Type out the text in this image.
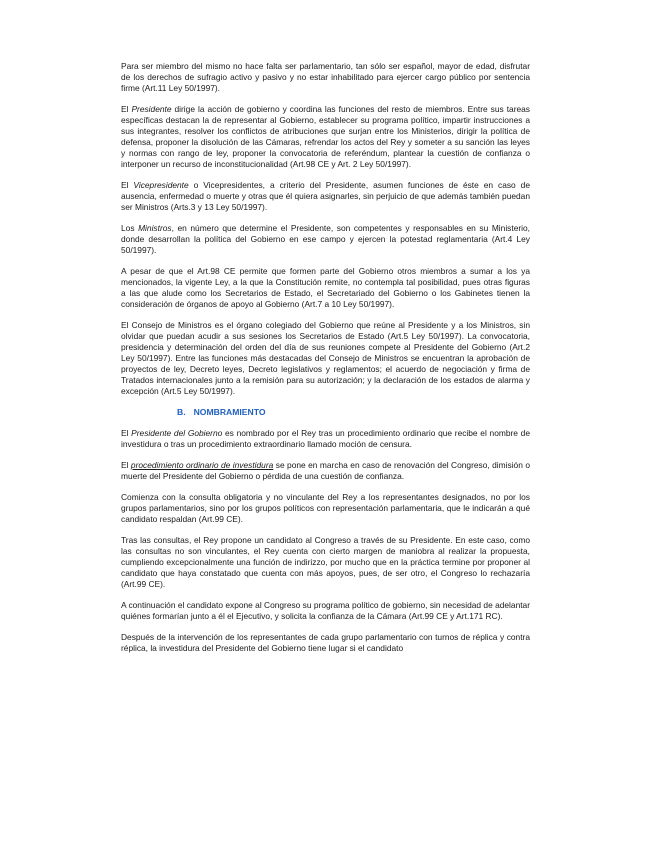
Para ser miembro del mismo no hace falta ser parlamentario, tan sólo ser español, mayor de edad, disfrutar de los derechos de sufragio activo y pasivo y no estar inhabilitado para ejercer cargo público por sentencia firme (Art.11 Ley 50/1997).

El Presidente dirige la acción de gobierno y coordina las funciones del resto de miembros. Entre sus tareas específicas destacan la de representar al Gobierno, establecer su programa político, impartir instrucciones a sus integrantes, resolver los conflictos de atribuciones que surjan entre los Ministerios, dirigir la política de defensa, proponer la disolución de las Cámaras, refrendar los actos del Rey y someter a su sanción las leyes y normas con rango de ley, proponer la convocatoria de referéndum, plantear la cuestión de confianza o interponer un recurso de inconstitucionalidad (Art.98 CE y Art. 2 Ley 50/1997).

El Vicepresidente o Vicepresidentes, a criterio del Presidente, asumen funciones de éste en caso de ausencia, enfermedad o muerte y otras que él quiera asignarles, sin perjuicio de que además también puedan ser Ministros (Arts.3 y 13 Ley 50/1997).

Los Ministros, en número que determine el Presidente, son competentes y responsables en su Ministerio, donde desarrollan la política del Gobierno en ese campo y ejercen la potestad reglamentaria (Art.4 Ley 50/1997).

A pesar de que el Art.98 CE permite que formen parte del Gobierno otros miembros a sumar a los ya mencionados, la vigente Ley, a la que la Constitución remite, no contempla tal posibilidad, pues otras figuras a las que alude como los Secretarios de Estado, el Secretariado del Gobierno o los Gabinetes tienen la consideración de órganos de apoyo al Gobierno (Art.7 a 10 Ley 50/1997).

El Consejo de Ministros es el órgano colegiado del Gobierno que reúne al Presidente y a los Ministros, sin olvidar que puedan acudir a sus sesiones los Secretarios de Estado (Art.5 Ley 50/1997). La convocatoria, presidencia y determinación del orden del día de sus reuniones compete al Presidente del Gobierno (Art.2 Ley 50/1997). Entre las funciones más destacadas del Consejo de Ministros se encuentran la aprobación de proyectos de ley, Decreto leyes, Decreto legislativos y reglamentos; el acuerdo de negociación y firma de Tratados internacionales junto a la remisión para su autorización; y la declaración de los estados de alarma y excepción (Art.5 Ley 50/1997).

B. NOMBRAMIENTO

El Presidente del Gobierno es nombrado por el Rey tras un procedimiento ordinario que recibe el nombre de investidura o tras un procedimiento extraordinario llamado moción de censura.

El procedimiento ordinario de investidura se pone en marcha en caso de renovación del Congreso, dimisión o muerte del Presidente del Gobierno o pérdida de una cuestión de confianza.

Comienza con la consulta obligatoria y no vinculante del Rey a los representantes designados, no por los grupos parlamentarios, sino por los grupos políticos con representación parlamentaria, que le indicarán a qué candidato respaldan (Art.99 CE).

Tras las consultas, el Rey propone un candidato al Congreso a través de su Presidente. En este caso, como las consultas no son vinculantes, el Rey cuenta con cierto margen de maniobra al realizar la propuesta, cumpliendo excepcionalmente una función de indirizzo, por mucho que en la práctica termine por proponer al candidato que haya constatado que cuenta con más apoyos, pues, de ser otro, el Congreso lo rechazaría (Art.99 CE).

A continuación el candidato expone al Congreso su programa político de gobierno, sin necesidad de adelantar quiénes formarían junto a él el Ejecutivo, y solicita la confianza de la Cámara (Art.99 CE y Art.171 RC).

Después de la intervención de los representantes de cada grupo parlamentario con turnos de réplica y contra réplica, la investidura del Presidente del Gobierno tiene lugar si el candidato
